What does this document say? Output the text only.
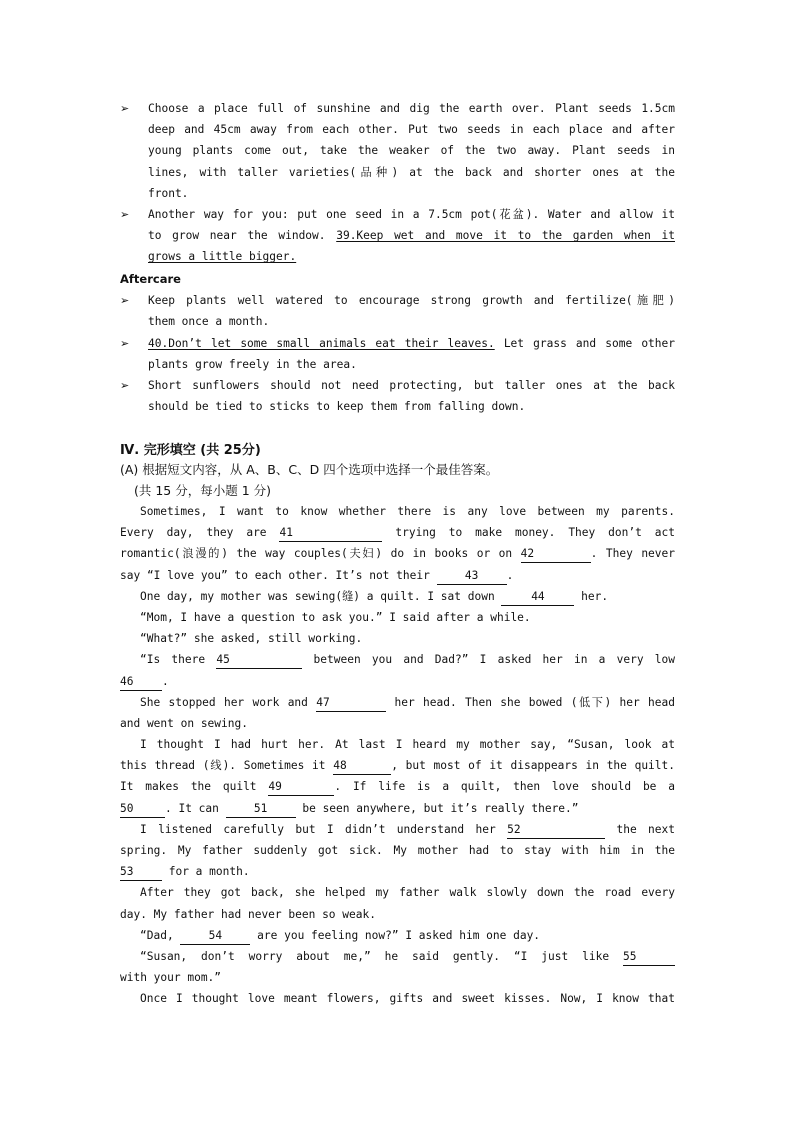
➢	Choose a place full of sunshine and dig the earth over. Plant seeds 1.5cm
deep and 45cm away from each other. Put two seeds in each place and after
young plants come out, take the weaker of the two away. Plant seeds in
lines, with taller varieties(品种) at the back and shorter ones at the
front.
➢	Another way for you: put one seed in a 7.5cm pot(花盆). Water and allow it
to grow near the window. 39.Keep wet and move it to the garden when it
grows a little bigger.
Aftercare
➢	Keep plants well watered to encourage strong growth and fertilize(施肥)
them once a month.
➢	40.Don’t let some small animals eat their leaves. Let grass and some other
plants grow freely in the area.
➢	Short sunflowers should not need protecting, but taller ones at the back
should be tied to sticks to keep them from falling down.
Ⅳ. 完形填空 (共 25分)
(A) 根据短文内容，从 A、B、C、D 四个选项中选择一个最佳答案。
(共 15 分，每小题 1 分)
Sometimes, I want to know whether there is any love between my parents.
Every day, they are 41	trying to make money. They don’t act
romantic(浪漫的) the way couples(夫妇) do in books or on 42	. They never
say “I love you” to each other. It’s not their	43	.
One day, my mother was sewing(缝) a quilt. I sat down	44	her.
“Mom, I have a question to ask you.” I said after a while.
“What?” she asked, still working.
“Is there 45	between you and Dad?” I asked her in a very low
46	.
She stopped her work and 47	her head. Then she bowed (低下) her head
and went on sewing.
I thought I had hurt her. At last I heard my mother say, “Susan, look at
this thread (线). Sometimes it 48	, but most of it disappears in the quilt.
It makes the quilt 49	. If life is a quilt, then love should be a
50	. It can	51	be seen anywhere, but it’s really there.”
I listened carefully but I didn’t understand her 52	the next
spring. My father suddenly got sick. My mother had to stay with him in the
53	for a month.
After they got back, she helped my father walk slowly down the road every
day. My father had never been so weak.
“Dad,	54	are you feeling now?” I asked him one day.
“Susan, don’t worry about me,” he said gently. “I just like 55
with your mom.”
Once I thought love meant flowers, gifts and sweet kisses. Now, I know that
